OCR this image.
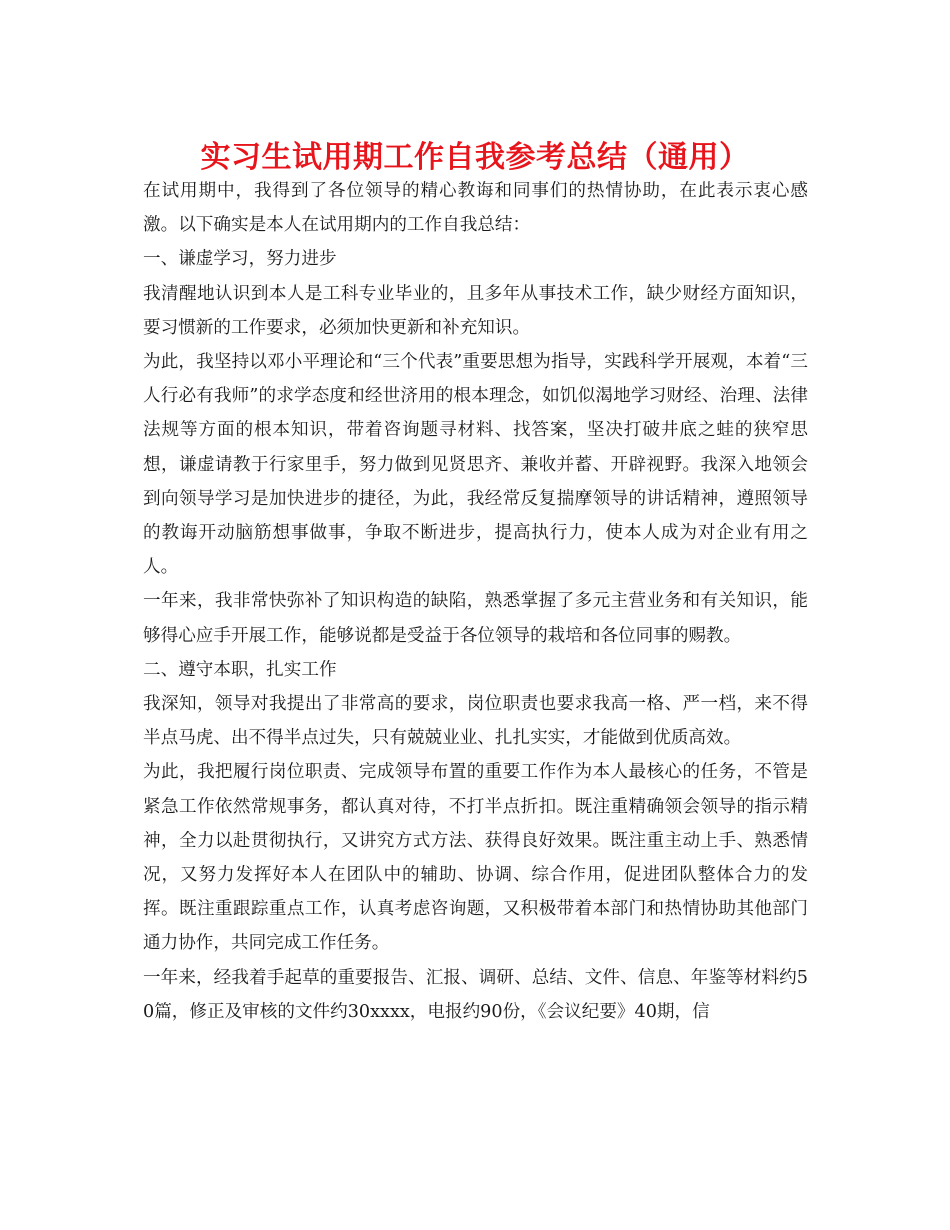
实习生试用期工作自我参考总结（通用）

在试用期中，我得到了各位领导的精心教诲和同事们的热情协助，在此表示衷心感激。以下确实是本人在试用期内的工作自我总结：

一、谦虚学习，努力进步

我清醒地认识到本人是工科专业毕业的，且多年从事技术工作，缺少财经方面知识，要习惯新的工作要求，必须加快更新和补充知识。

为此，我坚持以邓小平理论和“三个代表”重要思想为指导，实践科学开展观，本着“三人行必有我师”的求学态度和经世济用的根本理念，如饥似渴地学习财经、治理、法律法规等方面的根本知识，带着咨询题寻材料、找答案，坚决打破井底之蛙的狭窄思想，谦虚请教于行家里手，努力做到见贤思齐、兼收并蓄、开辟视野。我深入地领会到向领导学习是加快进步的捷径，为此，我经常反复揣摩领导的讲话精神，遵照领导的教诲开动脑筋想事做事，争取不断进步，提高执行力，使本人成为对企业有用之人。

一年来，我非常快弥补了知识构造的缺陷，熟悉掌握了多元主营业务和有关知识，能够得心应手开展工作，能够说都是受益于各位领导的栽培和各位同事的赐教。

二、遵守本职，扎实工作

我深知，领导对我提出了非常高的要求，岗位职责也要求我高一格、严一档，来不得半点马虎、出不得半点过失，只有兢兢业业、扎扎实实，才能做到优质高效。

为此，我把履行岗位职责、完成领导布置的重要工作作为本人最核心的任务，不管是紧急工作依然常规事务，都认真对待，不打半点折扣。既注重精确领会领导的指示精神，全力以赴贯彻执行，又讲究方式方法、获得良好效果。既注重主动上手、熟悉情况，又努力发挥好本人在团队中的辅助、协调、综合作用，促进团队整体合力的发挥。既注重跟踪重点工作，认真考虑咨询题，又积极带着本部门和热情协助其他部门通力协作，共同完成工作任务。

一年来，经我着手起草的重要报告、汇报、调研、总结、文件、信息、年鉴等材料约50篇，修正及审核的文件约30xxxx，电报约90份，《会议纪要》40期，信
